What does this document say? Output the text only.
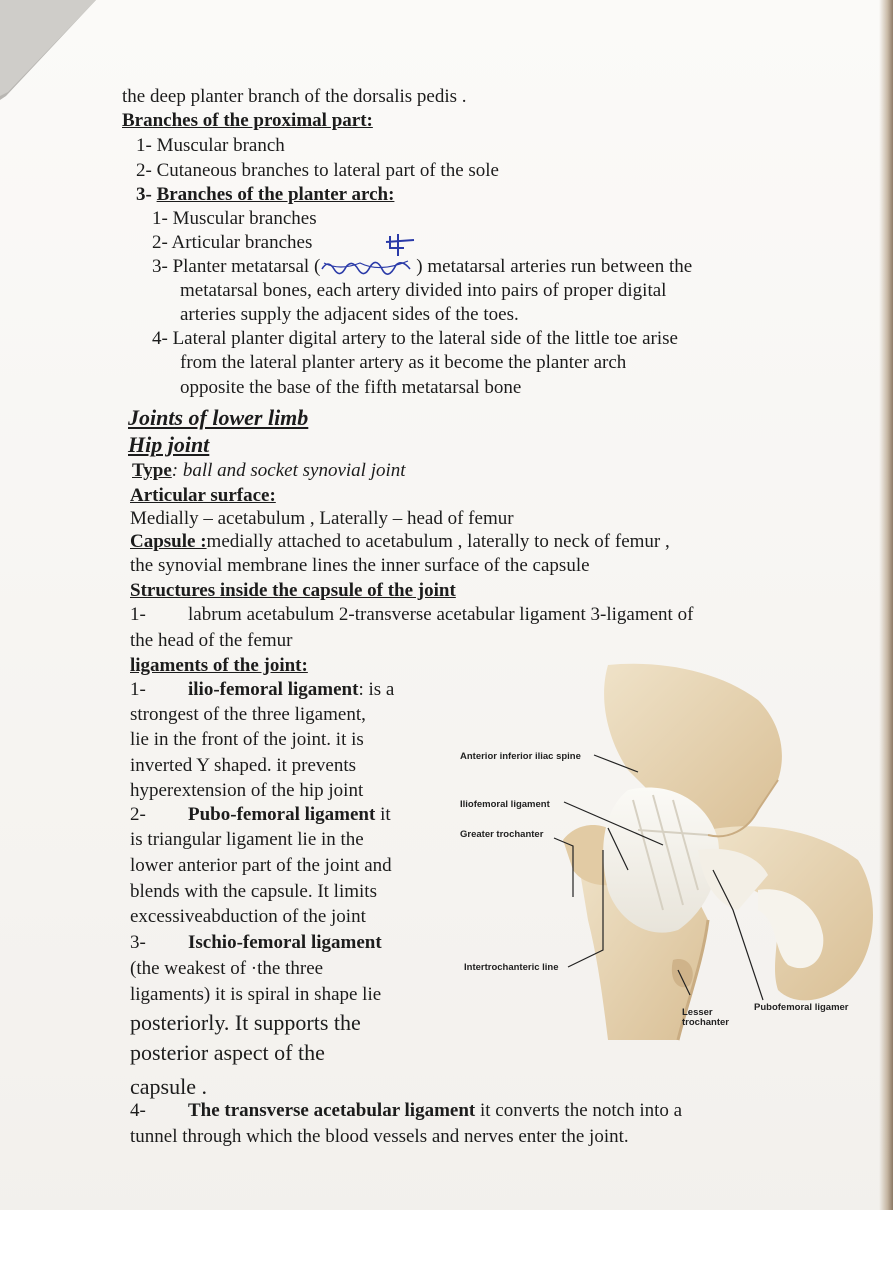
the deep planter branch of the dorsalis pedis .
Branches of the proximal part:
1- Muscular branch
2- Cutaneous branches to lateral part of the sole
3- Branches of the planter arch:
1- Muscular branches
2- Articular branches
3- Planter metatarsal (	) metatarsal arteries run between the
metatarsal bones, each artery divided into pairs of proper digital
arteries supply the adjacent sides of the toes.
4- Lateral planter digital artery to the lateral side of the little toe arise
from the lateral planter artery as it become the planter arch
opposite the base of the fifth metatarsal bone
Joints of lower limb
Hip joint
Type: ball and socket synovial joint
Articular surface:
Medially – acetabulum , Laterally – head of femur
Capsule :medially attached to acetabulum , laterally to neck of femur ,
the synovial membrane lines the inner surface of the capsule
Structures inside the capsule of the joint
1- labrum acetabulum 2-transverse acetabular ligament 3-ligament of
the head of the femur
ligaments of the joint:
1- ilio-femoral ligament: is a
strongest of the three ligament,
lie in the front of the joint. it is
inverted Y shaped. it prevents
hyperextension of the hip joint
2- Pubo-femoral ligament it
is triangular ligament lie in the
lower anterior part of the joint and
blends with the capsule. It limits
excessiveabduction of the joint
3- Ischio-femoral ligament
(the weakest of ·the three
ligaments) it is spiral in shape lie
posteriorly. It supports the
posterior aspect of the
capsule .
4- The transverse acetabular ligament it converts the notch into a
tunnel through which the blood vessels and nerves enter the joint.
Anterior inferior iliac spine
Iliofemoral ligament
Greater trochanter
Intertrochanteric line
Lesser
trochanter
Pubofemoral ligamer
